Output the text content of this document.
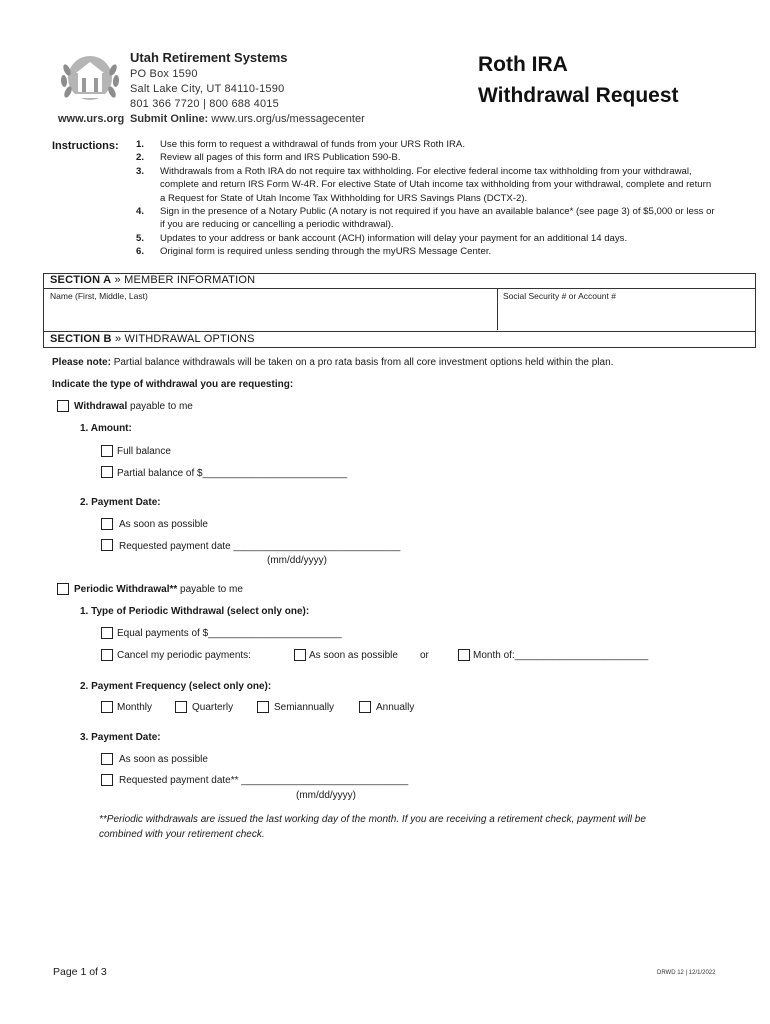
Utah Retirement Systems
PO Box 1590
Salt Lake City, UT 84110-1590
801 366 7720 | 800 688 4015
www.urs.org Submit Online: www.urs.org/us/messagecenter
Roth IRA
Withdrawal Request
Instructions: 1. Use this form to request a withdrawal of funds from your URS Roth IRA.
2. Review all pages of this form and IRS Publication 590-B.
3. Withdrawals from a Roth IRA do not require tax withholding. For elective federal income tax withholding from your withdrawal, complete and return IRS Form W-4R. For elective State of Utah income tax withholding from your withdrawal, complete and return a Request for State of Utah Income Tax Withholding for URS Savings Plans (DCTX-2).
4. Sign in the presence of a Notary Public (A notary is not required if you have an available balance* (see page 3) of $5,000 or less or if you are reducing or cancelling a periodic withdrawal).
5. Updates to your address or bank account (ACH) information will delay your payment for an additional 14 days.
6. Original form is required unless sending through the myURS Message Center.
SECTION A » MEMBER INFORMATION
Name (First, Middle, Last)	Social Security # or Account #
SECTION B » WITHDRAWAL OPTIONS
Please note: Partial balance withdrawals will be taken on a pro rata basis from all core investment options held within the plan.
Indicate the type of withdrawal you are requesting:
Withdrawal payable to me
1. Amount:
Full balance
Partial balance of $__________________________
2. Payment Date:
As soon as possible
Requested payment date ______________________________
(mm/dd/yyyy)
Periodic Withdrawal** payable to me
1. Type of Periodic Withdrawal (select only one):
Equal payments of $________________________
Cancel my periodic payments:	As soon as possible or	Month of:________________________
2. Payment Frequency (select only one):
Monthly	Quarterly	Semiannually	Annually
3. Payment Date:
As soon as possible
Requested payment date** ______________________________
(mm/dd/yyyy)
**Periodic withdrawals are issued the last working day of the month. If you are receiving a retirement check, payment will be combined with your retirement check.
Page 1 of 3	DRWD 12 | 12/1/2022
